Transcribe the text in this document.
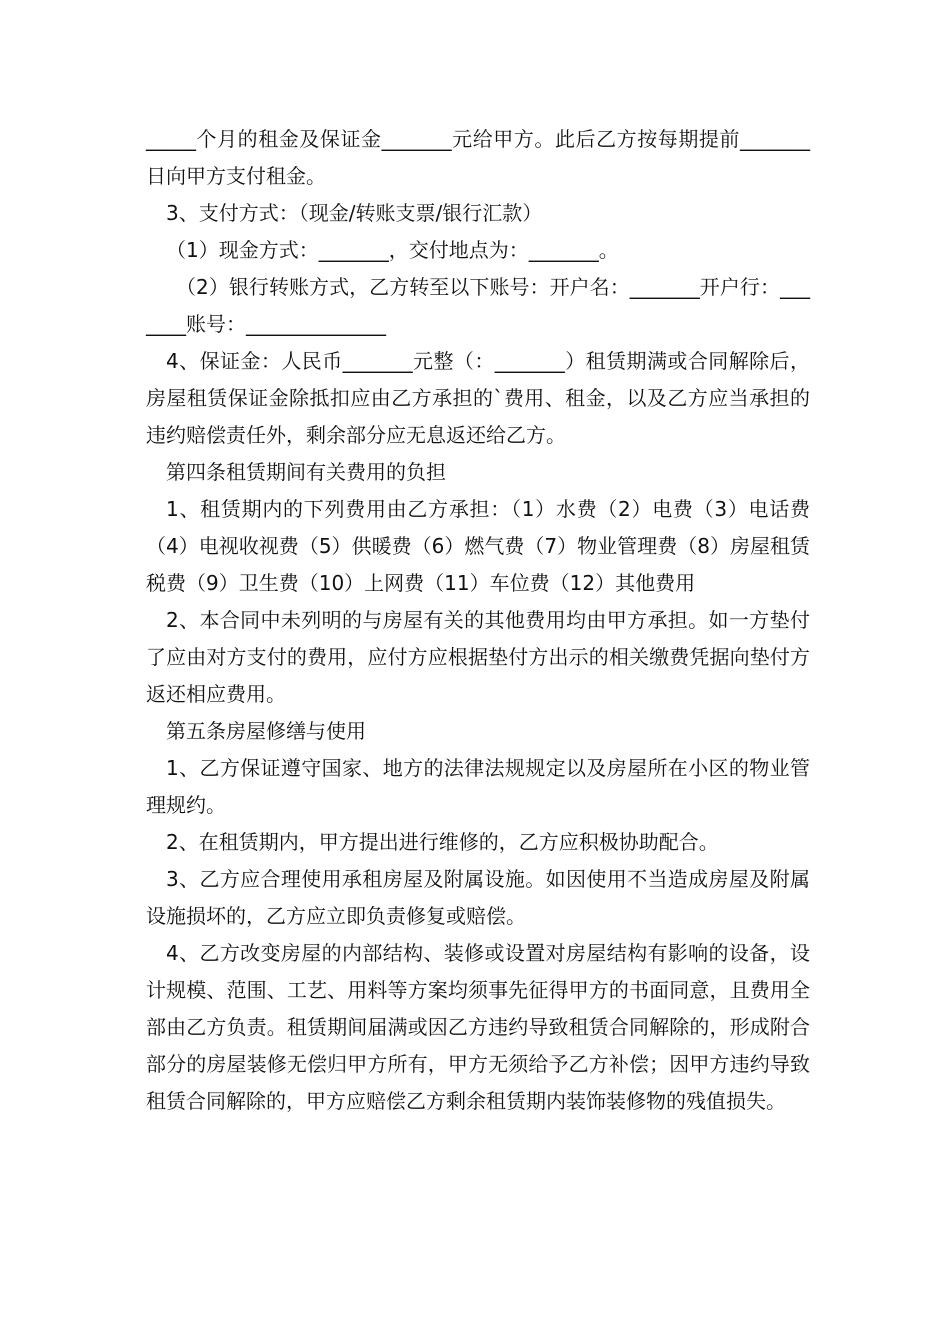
_____个月的租金及保证金_______元给甲方。此后乙方按每期提前_______日向甲方支付租金。

3、支付方式：（现金/转账支票/银行汇款）

（1）现金方式：_______，交付地点为：_______。

（2）银行转账方式，乙方转至以下账号：开户名：_______开户行：_______账号：______________

4、保证金：人民币_______元整（：_______）租赁期满或合同解除后，房屋租赁保证金除抵扣应由乙方承担的`费用、租金，以及乙方应当承担的违约赔偿责任外，剩余部分应无息返还给乙方。

第四条租赁期间有关费用的负担

1、租赁期内的下列费用由乙方承担：（1）水费（2）电费（3）电话费（4）电视收视费（5）供暖费（6）燃气费（7）物业管理费（8）房屋租赁税费（9）卫生费（10）上网费（11）车位费（12）其他费用

2、本合同中未列明的与房屋有关的其他费用均由甲方承担。如一方垫付了应由对方支付的费用，应付方应根据垫付方出示的相关缴费凭据向垫付方返还相应费用。

第五条房屋修缮与使用

1、乙方保证遵守国家、地方的法律法规规定以及房屋所在小区的物业管理规约。

2、在租赁期内，甲方提出进行维修的，乙方应积极协助配合。

3、乙方应合理使用承租房屋及附属设施。如因使用不当造成房屋及附属设施损坏的，乙方应立即负责修复或赔偿。

4、乙方改变房屋的内部结构、装修或设置对房屋结构有影响的设备，设计规模、范围、工艺、用料等方案均须事先征得甲方的书面同意，且费用全部由乙方负责。租赁期间届满或因乙方违约导致租赁合同解除的，形成附合部分的房屋装修无偿归甲方所有，甲方无须给予乙方补偿；因甲方违约导致租赁合同解除的，甲方应赔偿乙方剩余租赁期内装饰装修物的残值损失。
